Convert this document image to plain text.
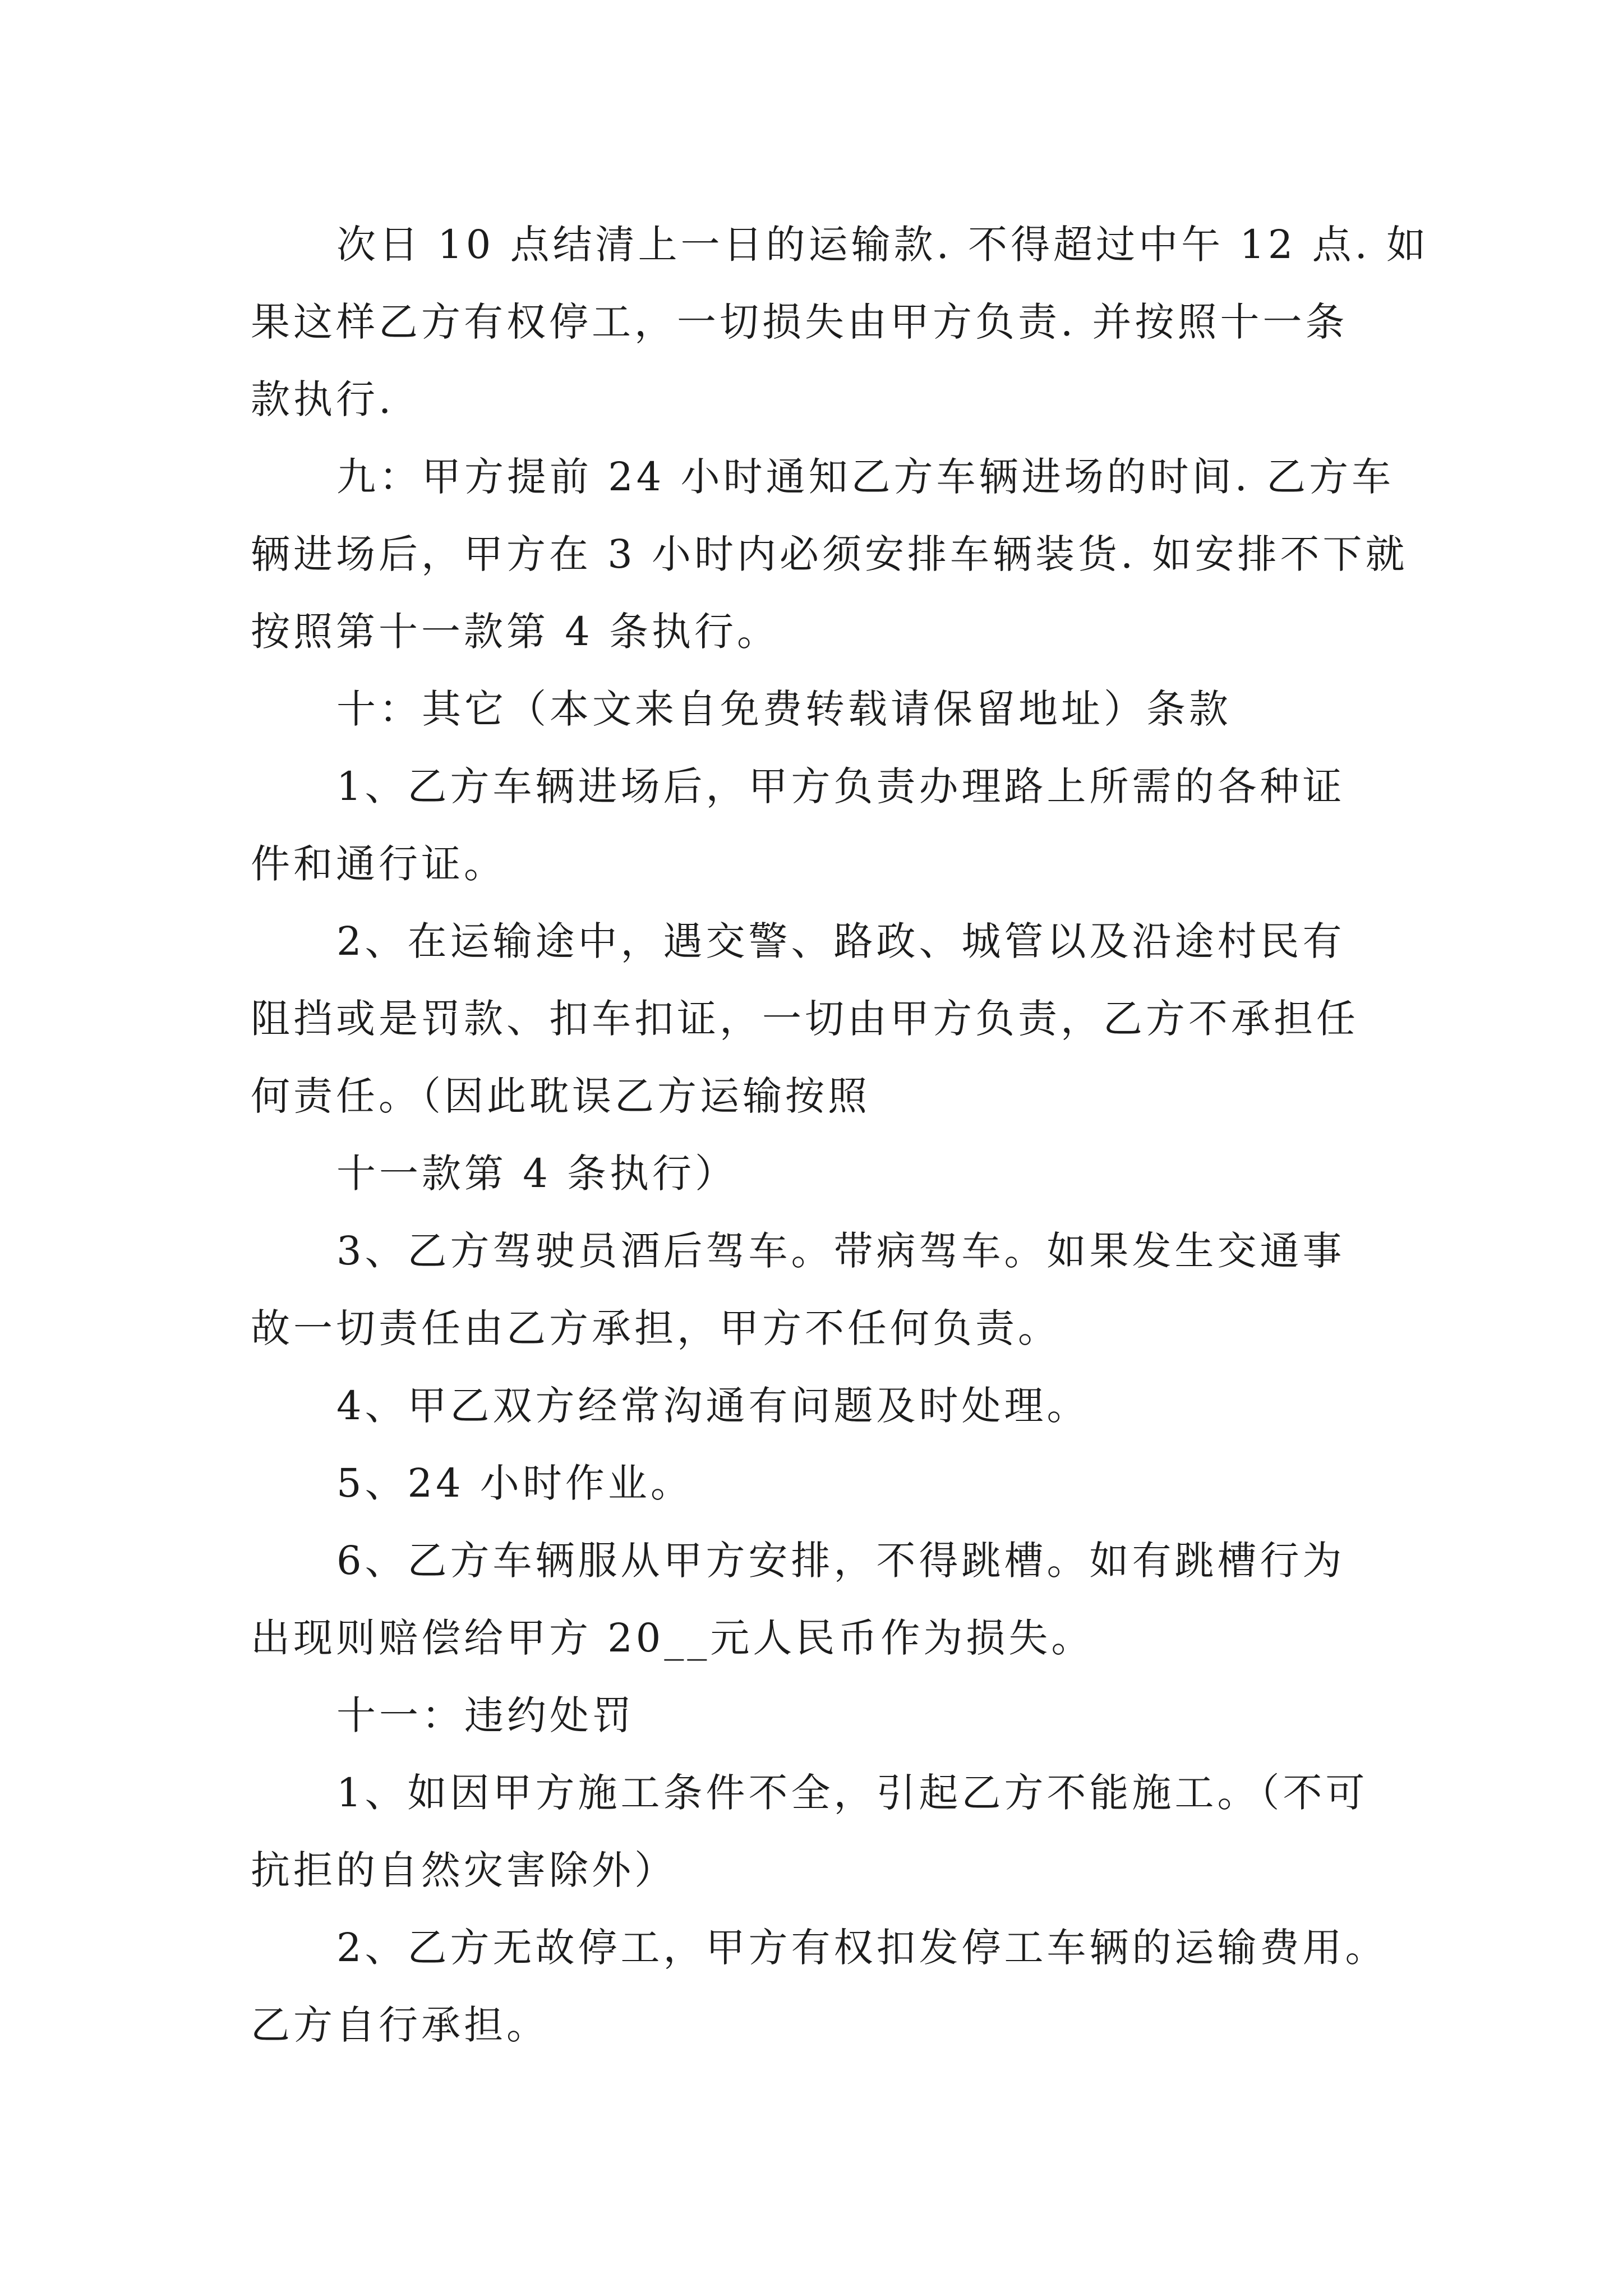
次日 10 点结清上一日的运输款. 不得超过中午 12 点. 如
果这样乙方有权停工，一切损失由甲方负责. 并按照十一条
款执行.
九：甲方提前 24 小时通知乙方车辆进场的时间. 乙方车
辆进场后，甲方在 3 小时内必须安排车辆装货. 如安排不下就
按照第十一款第 4 条执行。
十：其它（本文来自免费转载请保留地址）条款
1、乙方车辆进场后，甲方负责办理路上所需的各种证
件和通行证。
2、在运输途中，遇交警、路政、城管以及沿途村民有
阻挡或是罚款、扣车扣证，一切由甲方负责，乙方不承担任
何责任。（因此耽误乙方运输按照
十一款第 4 条执行）
3、乙方驾驶员酒后驾车。带病驾车。如果发生交通事
故一切责任由乙方承担，甲方不任何负责。
4、甲乙双方经常沟通有问题及时处理。
5、24 小时作业。
6、乙方车辆服从甲方安排，不得跳槽。如有跳槽行为
出现则赔偿给甲方 20__元人民币作为损失。
十一：违约处罚
1、如因甲方施工条件不全，引起乙方不能施工。（不可
抗拒的自然灾害除外）
2、乙方无故停工，甲方有权扣发停工车辆的运输费用。
乙方自行承担。
